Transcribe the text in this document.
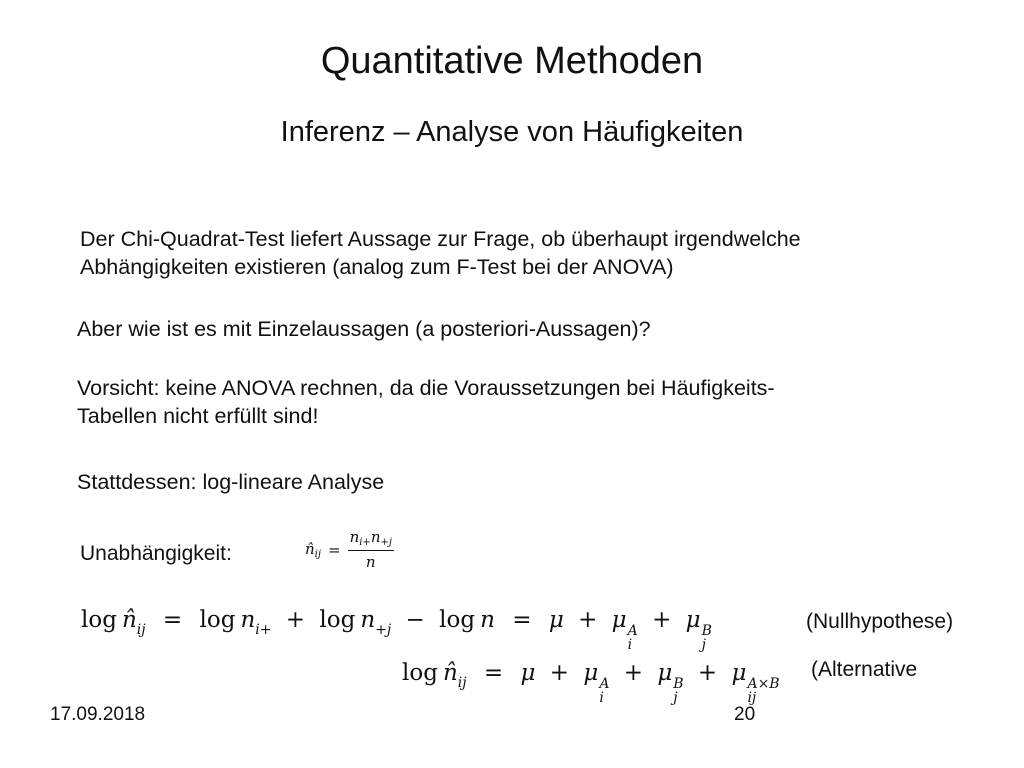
Quantitative Methoden
Inferenz – Analyse von Häufigkeiten
Der Chi-Quadrat-Test liefert Aussage zur Frage, ob überhaupt irgendwelche
Abhängigkeiten existieren (analog zum F-Test bei der ANOVA)
Aber wie ist es mit Einzelaussagen (a posteriori-Aussagen)?
Vorsicht: keine ANOVA rechnen, da die Voraussetzungen bei Häufigkeits-
Tabellen nicht erfüllt sind!
Stattdessen: log-lineare Analyse
Unabhängigkeit:	n̂ij = $\frac{ni+n+j}{n}$
log n̂ij = log ni+ + log n+j − log n = μ + μ A
i
+ μ B
j
log n̂ij = μ + μ A
i
+ μ B
j
+ μ A×B
ij
(Nullhypothese)
(Alternative
17.09.2018	20
